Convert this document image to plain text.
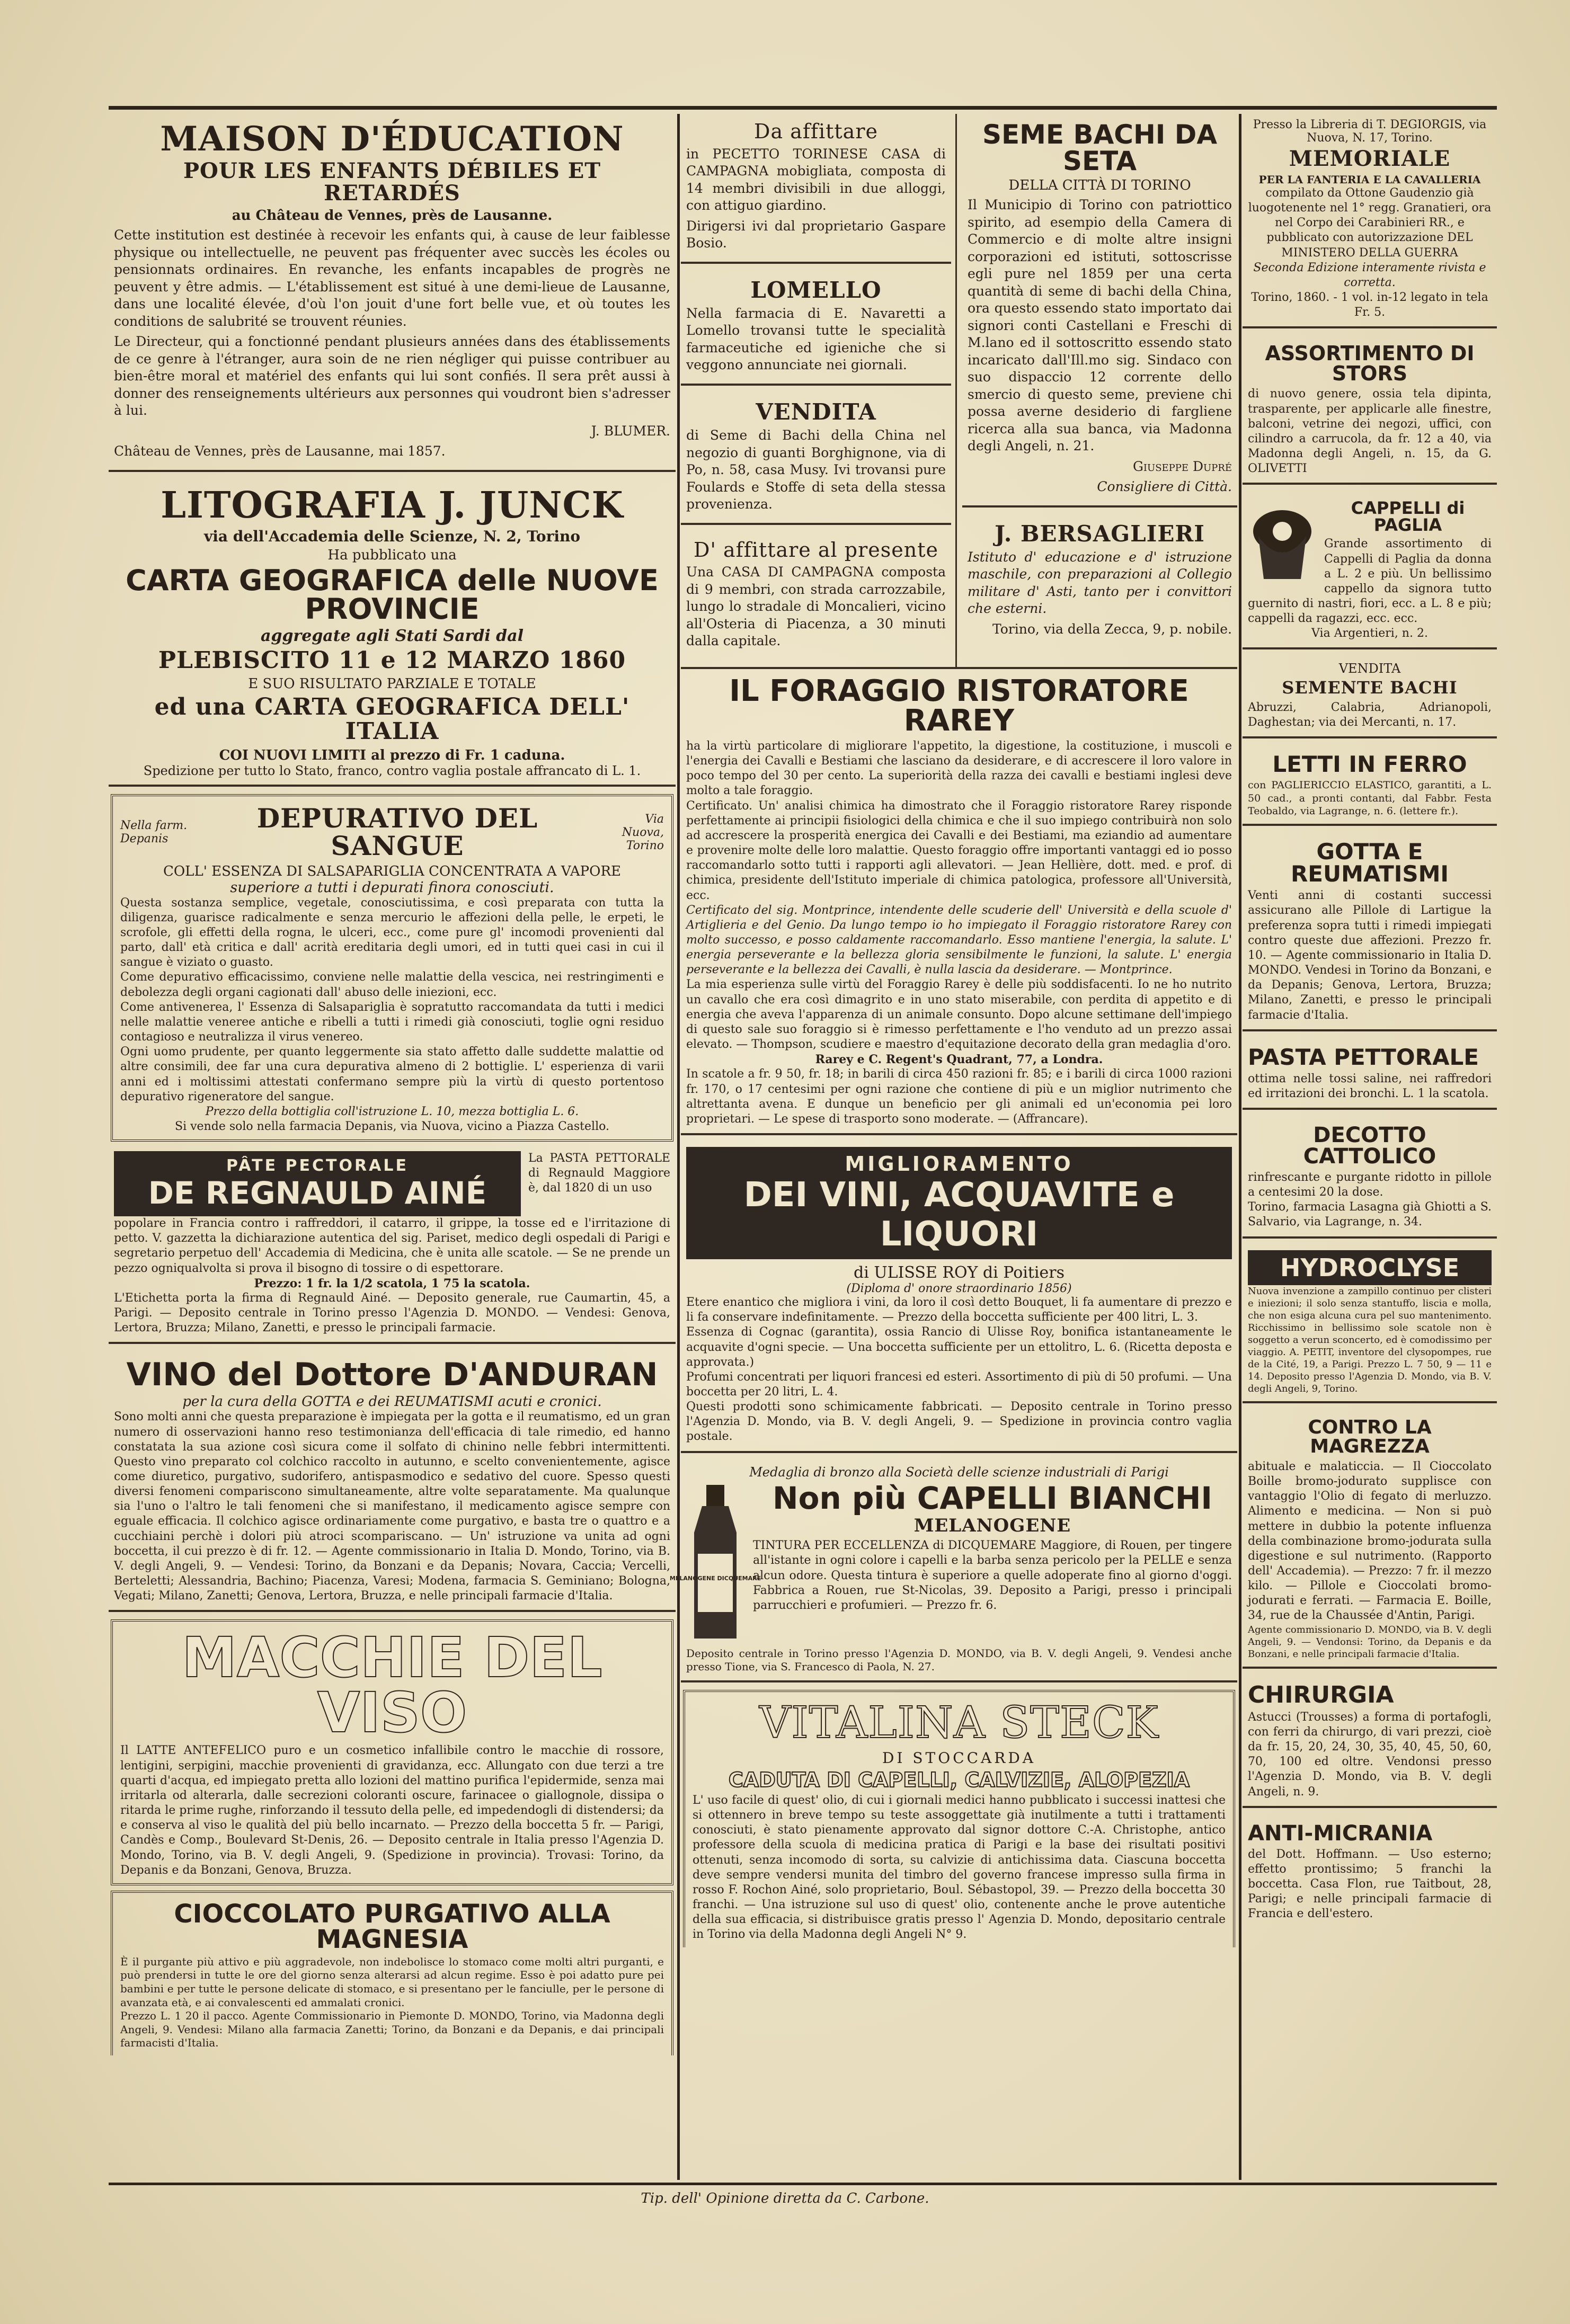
MAISON D'ÉDUCATION
POUR LES ENFANTS DÉBILES ET RETARDÉS
au Château de Vennes, près de Lausanne.
Cette institution est destinée à recevoir les enfants qui, à cause de leur faiblesse physique ou intellectuelle, ne peuvent pas fréquenter avec succès les écoles ou pensionnats ordinaires. En revanche, les enfants incapables de progrès ne peuvent y être admis. — L'établissement est situé à une demi-lieue de Lausanne, dans une localité élevée, d'où l'on jouit d'une fort belle vue, et où toutes les conditions de salubrité se trouvent réunies.
Le Directeur, qui a fonctionné pendant plusieurs années dans des établissements de ce genre à l'étranger, aura soin de ne rien négliger qui puisse contribuer au bien-être moral et matériel des enfants qui lui sont confiés. Il sera prêt aussi à donner des renseignements ultérieurs aux personnes qui voudront bien s'adresser à lui.
J. BLUMER.
Château de Vennes, près de Lausanne, mai 1857.
LITOGRAFIA J. JUNCK
via dell'Accademia delle Scienze, N. 2, Torino
Ha pubblicato una
CARTA GEOGRAFICA delle NUOVE PROVINCIE
aggregate agli Stati Sardi dal
PLEBISCITO 11 e 12 MARZO 1860
E SUO RISULTATO PARZIALE E TOTALE
ed una CARTA GEOGRAFICA DELL' ITALIA
COI NUOVI LIMITI al prezzo di Fr. 1 caduna.
Spedizione per tutto lo Stato, franco, contro vaglia postale affrancato di L. 1.
Nella farm. Depanis
DEPURATIVO DEL SANGUE
Via Nuova, Torino
COLL' ESSENZA DI SALSAPARIGLIA CONCENTRATA A VAPORE
superiore a tutti i depurati finora conosciuti.
Questa sostanza semplice, vegetale, conosciutissima, e così preparata con tutta la diligenza, guarisce radicalmente e senza mercurio le affezioni della pelle, le erpeti, le scrofole, gli effetti della rogna, le ulceri, ecc., come pure gl' incomodi provenienti dal parto, dall' età critica e dall' acrità ereditaria degli umori, ed in tutti quei casi in cui il sangue è viziato o guasto.
Come depurativo efficacissimo, conviene nelle malattie della vescica, nei restringimenti e debolezza degli organi cagionati dall' abuso delle iniezioni, ecc.
Come antivenerea, l' Essenza di Salsapariglia è sopratutto raccomandata da tutti i medici nelle malattie veneree antiche e ribelli a tutti i rimedi già conosciuti, toglie ogni residuo contagioso e neutralizza il virus venereo.
Ogni uomo prudente, per quanto leggermente sia stato affetto dalle suddette malattie od altre consimili, dee far una cura depurativa almeno di 2 bottiglie. L' esperienza di varii anni ed i moltissimi attestati confermano sempre più la virtù di questo portentoso depurativo rigeneratore del sangue.
Prezzo della bottiglia coll'istruzione L. 10, mezza bottiglia L. 6.
Si vende solo nella farmacia Depanis, via Nuova, vicino a Piazza Castello.
PÂTE PECTORALE
DE REGNAULD AINÉ
La PASTA PETTORALE di Regnauld Maggiore è, dal 1820 di un uso
popolare in Francia contro i raffreddori, il catarro, il grippe, la tosse ed e l'irritazione di petto. V. gazzetta la dichiarazione autentica del sig. Pariset, medico degli ospedali di Parigi e segretario perpetuo dell' Accademia di Medicina, che è unita alle scatole. — Se ne prende un pezzo ogniqualvolta si prova il bisogno di tossire o di espettorare.
Prezzo: 1 fr. la 1/2 scatola, 1 75 la scatola.
L'Etichetta porta la firma di Regnauld Ainé. — Deposito generale, rue Caumartin, 45, a Parigi. — Deposito centrale in Torino presso l'Agenzia D. MONDO. — Vendesi: Genova, Lertora, Bruzza; Milano, Zanetti, e presso le principali farmacie.
VINO del Dottore D'ANDURAN
per la cura della GOTTA e dei REUMATISMI acuti e cronici.
Sono molti anni che questa preparazione è impiegata per la gotta e il reumatismo, ed un gran numero di osservazioni hanno reso testimonianza dell'efficacia di tale rimedio, ed hanno constatata la sua azione così sicura come il solfato di chinino nelle febbri intermittenti. Questo vino preparato col colchico raccolto in autunno, e scelto convenientemente, agisce come diuretico, purgativo, sudorifero, antispasmodico e sedativo del cuore. Spesso questi diversi fenomeni compariscono simultaneamente, altre volte separatamente. Ma qualunque sia l'uno o l'altro le tali fenomeni che si manifestano, il medicamento agisce sempre con eguale efficacia. Il colchico agisce ordinariamente come purgativo, e basta tre o quattro e a cucchiaini perchè i dolori più atroci scompariscano. — Un' istruzione va unita ad ogni boccetta, il cui prezzo è di fr. 12. — Agente commissionario in Italia D. Mondo, Torino, via B. V. degli Angeli, 9. — Vendesi: Torino, da Bonzani e da Depanis; Novara, Caccia; Vercelli, Berteletti; Alessandria, Bachino; Piacenza, Varesi; Modena, farmacia S. Geminiano; Bologna, Vegati; Milano, Zanetti; Genova, Lertora, Bruzza, e nelle principali farmacie d'Italia.
MACCHIE DEL VISO
Il LATTE ANTEFELICO puro e un cosmetico infallibile contro le macchie di rossore, lentigini, serpigini, macchie provenienti di gravidanza, ecc. Allungato con due terzi a tre quarti d'acqua, ed impiegato pretta allo lozioni del mattino purifica l'epidermide, senza mai irritarla od alterarla, dalle secrezioni coloranti oscure, farinacee o giallognole, dissipa o ritarda le prime rughe, rinforzando il tessuto della pelle, ed impedendogli di distendersi; da e conserva al viso le qualità del più bello incarnato. — Prezzo della boccetta 5 fr. — Parigi, Candès e Comp., Boulevard St-Denis, 26. — Deposito centrale in Italia presso l'Agenzia D. Mondo, Torino, via B. V. degli Angeli, 9. (Spedizione in provincia). Trovasi: Torino, da Depanis e da Bonzani, Genova, Bruzza.
CIOCCOLATO PURGATIVO ALLA MAGNESIA
È il purgante più attivo e più aggradevole, non indebolisce lo stomaco come molti altri purganti, e può prendersi in tutte le ore del giorno senza alterarsi ad alcun regime. Esso è poi adatto pure pei bambini e per tutte le persone delicate di stomaco, e si presentano per le fanciulle, per le persone di avanzata età, e ai convalescenti ed ammalati cronici.
Prezzo L. 1 20 il pacco. Agente Commissionario in Piemonte D. MONDO, Torino, via Madonna degli Angeli, 9. Vendesi: Milano alla farmacia Zanetti; Torino, da Bonzani e da Depanis, e dai principali farmacisti d'Italia.
Da affittare
in PECETTO TORINESE CASA di CAMPAGNA mobigliata, composta di 14 membri divisibili in due alloggi, con attiguo giardino.
Dirigersi ivi dal proprietario Gaspare Bosio.
LOMELLO
Nella farmacia di E. Navaretti a Lomello trovansi tutte le specialità farmaceutiche ed igieniche che si veggono annunciate nei giornali.
VENDITA
di Seme di Bachi della China nel negozio di guanti Borghignone, via di Po, n. 58, casa Musy. Ivi trovansi pure Foulards e Stoffe di seta della stessa provenienza.
D' affittare al presente
Una CASA DI CAMPAGNA composta di 9 membri, con strada carrozzabile, lungo lo stradale di Moncalieri, vicino all'Osteria di Piacenza, a 30 minuti dalla capitale.
SEME BACHI DA SETA
DELLA CITTÀ DI TORINO
Il Municipio di Torino con patriottico spirito, ad esempio della Camera di Commercio e di molte altre insigni corporazioni ed istituti, sottoscrisse egli pure nel 1859 per una certa quantità di seme di bachi della China, ora questo essendo stato importato dai signori conti Castellani e Freschi di M.lano ed il sottoscritto essendo stato incaricato dall'Ill.mo sig. Sindaco con suo dispaccio 12 corrente dello smercio di questo seme, previene chi possa averne desiderio di fargliene ricerca alla sua banca, via Madonna degli Angeli, n. 21.
Giuseppe Dupré
Consigliere di Città.
J. BERSAGLIERI
Istituto d' educazione e d' istruzione maschile, con preparazioni al Collegio militare d' Asti, tanto per i convittori che esterni.
Torino, via della Zecca, 9, p. nobile.
IL FORAGGIO RISTORATORE RAREY
ha la virtù particolare di migliorare l'appetito, la digestione, la costituzione, i muscoli e l'energia dei Cavalli e Bestiami che lasciano da desiderare, e di accrescere il loro valore in poco tempo del 30 per cento. La superiorità della razza dei cavalli e bestiami inglesi deve molto a tale foraggio.
Certificato. Un' analisi chimica ha dimostrato che il Foraggio ristoratore Rarey risponde perfettamente ai principii fisiologici della chimica e che il suo impiego contribuirà non solo ad accrescere la prosperità energica dei Cavalli e dei Bestiami, ma eziandio ad aumentare e provenire molte delle loro malattie. Questo foraggio offre importanti vantaggi ed io posso raccomandarlo sotto tutti i rapporti agli allevatori. — Jean Hellière, dott. med. e prof. di chimica, presidente dell'Istituto imperiale di chimica patologica, professore all'Università, ecc.
Certificato del sig. Montprince, intendente delle scuderie dell' Università e della scuole d' Artiglieria e del Genio. Da lungo tempo io ho impiegato il Foraggio ristoratore Rarey con molto successo, e posso caldamente raccomandarlo. Esso mantiene l'energia, la salute. L' energia perseverante e la bellezza gloria sensibilmente le funzioni, la salute. L' energia perseverante e la bellezza dei Cavalli, è nulla lascia da desiderare. — Montprince.
La mia esperienza sulle virtù del Foraggio Rarey è delle più soddisfacenti. Io ne ho nutrito un cavallo che era così dimagrito e in uno stato miserabile, con perdita di appetito e di energia che aveva l'apparenza di un animale consunto. Dopo alcune settimane dell'impiego di questo sale suo foraggio si è rimesso perfettamente e l'ho venduto ad un prezzo assai elevato. — Thompson, scudiere e maestro d'equitazione decorato della gran medaglia d'oro.
Rarey e C. Regent's Quadrant, 77, a Londra.
In scatole a fr. 9 50, fr. 18; in barili di circa 450 razioni fr. 85; e i barili di circa 1000 razioni fr. 170, o 17 centesimi per ogni razione che contiene di più e un miglior nutrimento che altrettanta avena. E dunque un beneficio per gli animali ed un'economia pei loro proprietari. — Le spese di trasporto sono moderate. — (Affrancare).
MIGLIORAMENTO
DEI VINI, ACQUAVITE e LIQUORI
di ULISSE ROY di Poitiers
(Diploma d' onore straordinario 1856)
Etere enantico che migliora i vini, da loro il così detto Bouquet, li fa aumentare di prezzo e li fa conservare indefinitamente. — Prezzo della boccetta sufficiente per 400 litri, L. 3.
Essenza di Cognac (garantita), ossia Rancio di Ulisse Roy, bonifica istantaneamente le acquavite d'ogni specie. — Una boccetta sufficiente per un ettolitro, L. 6. (Ricetta deposta e approvata.)
Profumi concentrati per liquori francesi ed esteri. Assortimento di più di 50 profumi. — Una boccetta per 20 litri, L. 4.
Questi prodotti sono schimicamente fabbricati. — Deposito centrale in Torino presso l'Agenzia D. Mondo, via B. V. degli Angeli, 9. — Spedizione in provincia contro vaglia postale.
Medaglia di bronzo alla Società delle scienze industriali di Parigi
MELANOGENE DICQUEMARE
Non più CAPELLI BIANCHI
MELANOGENE
TINTURA PER ECCELLENZA di DICQUEMARE Maggiore, di Rouen, per tingere all'istante in ogni colore i capelli e la barba senza pericolo per la PELLE e senza alcun odore. Questa tintura è superiore a quelle adoperate fino al giorno d'oggi. Fabbrica a Rouen, rue St-Nicolas, 39. Deposito a Parigi, presso i principali parrucchieri e profumieri. — Prezzo fr. 6.
Deposito centrale in Torino presso l'Agenzia D. MONDO, via B. V. degli Angeli, 9. Vendesi anche presso Tione, via S. Francesco di Paola, N. 27.
VITALINA STECK
DI STOCCARDA
CADUTA DI CAPELLI, CALVIZIE, ALOPEZIA
L' uso facile di quest' olio, di cui i giornali medici hanno pubblicato i successi inattesi che si ottennero in breve tempo su teste assoggettate già inutilmente a tutti i trattamenti conosciuti, è stato pienamente approvato dal signor dottore C.-A. Christophe, antico professore della scuola di medicina pratica di Parigi e la base dei risultati positivi ottenuti, senza incomodo di sorta, su calvizie di antichissima data. Ciascuna boccetta deve sempre vendersi munita del timbro del governo francese impresso sulla firma in rosso F. Rochon Ainé, solo proprietario, Boul. Sébastopol, 39. — Prezzo della boccetta 30 franchi. — Una istruzione sul uso di quest' olio, contenente anche le prove autentiche della sua efficacia, si distribuisce gratis presso l' Agenzia D. Mondo, depositario centrale in Torino via della Madonna degli Angeli N° 9.
Presso la Libreria di T. DEGIORGIS, via Nuova, N. 17, Torino.
MEMORIALE
PER LA FANTERIA E LA CAVALLERIA
compilato da Ottone Gaudenzio già luogotenente nel 1° regg. Granatieri, ora nel Corpo dei Carabinieri RR., e pubblicato con autorizzazione DEL MINISTERO DELLA GUERRA
Seconda Edizione interamente rivista e corretta.
Torino, 1860. - 1 vol. in-12 legato in tela Fr. 5.
ASSORTIMENTO DI STORS
di nuovo genere, ossia tela dipinta, trasparente, per applicarle alle finestre, balconi, vetrine dei negozi, uffici, con cilindro a carrucola, da fr. 12 a 40, via Madonna degli Angeli, n. 15, da G. OLIVETTI
CAPPELLI di PAGLIA
Grande assortimento di Cappelli di Paglia da donna a L. 2 e più. Un bellissimo cappello da signora tutto guernito di nastri, fiori, ecc. a L. 8 e più; cappelli da ragazzi, ecc. ecc.
Via Argentieri, n. 2.
VENDITA
SEMENTE BACHI
Abruzzi, Calabria, Adrianopoli, Daghestan; via dei Mercanti, n. 17.
LETTI IN FERRO
con PAGLIERICCIO ELASTICO, garantiti, a L. 50 cad., a pronti contanti, dal Fabbr. Festa Teobaldo, via Lagrange, n. 6. (lettere fr.).
GOTTA E REUMATISMI
Venti anni di costanti successi assicurano alle Pillole di Lartigue la preferenza sopra tutti i rimedi impiegati contro queste due affezioni. Prezzo fr. 10. — Agente commissionario in Italia D. MONDO. Vendesi in Torino da Bonzani, e da Depanis; Genova, Lertora, Bruzza; Milano, Zanetti, e presso le principali farmacie d'Italia.
PASTA PETTORALE
ottima nelle tossi saline, nei raffredori ed irritazioni dei bronchi. L. 1 la scatola.
DECOTTO CATTOLICO
rinfrescante e purgante ridotto in pillole a centesimi 20 la dose.
Torino, farmacia Lasagna già Ghiotti a S. Salvario, via Lagrange, n. 34.
HYDROCLYSE
Nuova invenzione a zampillo continuo per clisteri e iniezioni; il solo senza stantuffo, liscia e molla, che non esiga alcuna cura pel suo mantenimento. Ricchissimo in bellissimo sole scatole non è soggetto a verun sconcerto, ed è comodissimo per viaggio. A. PETIT, inventore del clysopompes, rue de la Cité, 19, a Parigi. Prezzo L. 7 50, 9 — 11 e 14. Deposito presso l'Agenzia D. Mondo, via B. V. degli Angeli, 9, Torino.
CONTRO LA MAGREZZA
abituale e malaticcia. — Il Cioccolato Boille bromo-jodurato supplisce con vantaggio l'Olio di fegato di merluzzo. Alimento e medicina. — Non si può mettere in dubbio la potente influenza della combinazione bromo-jodurata sulla digestione e sul nutrimento. (Rapporto dell' Accademia). — Prezzo: 7 fr. il mezzo kilo. — Pillole e Cioccolati bromo-jodurati e ferrati. — Farmacia E. Boille, 34, rue de la Chaussée d'Antin, Parigi.
Agente commissionario D. MONDO, via B. V. degli Angeli, 9. — Vendonsi: Torino, da Depanis e da Bonzani, e nelle principali farmacie d'Italia.
CHIRURGIA
Astucci (Trousses) a forma di portafogli, con ferri da chirurgo, di vari prezzi, cioè da fr. 15, 20, 24, 30, 35, 40, 45, 50, 60, 70, 100 ed oltre. Vendonsi presso l'Agenzia D. Mondo, via B. V. degli Angeli, n. 9.
ANTI-MICRANIA
del Dott. Hoffmann. — Uso esterno; effetto prontissimo; 5 franchi la boccetta. Casa Flon, rue Taitbout, 28, Parigi; e nelle principali farmacie di Francia e dell'estero.
Tip. dell' Opinione diretta da C. Carbone.
